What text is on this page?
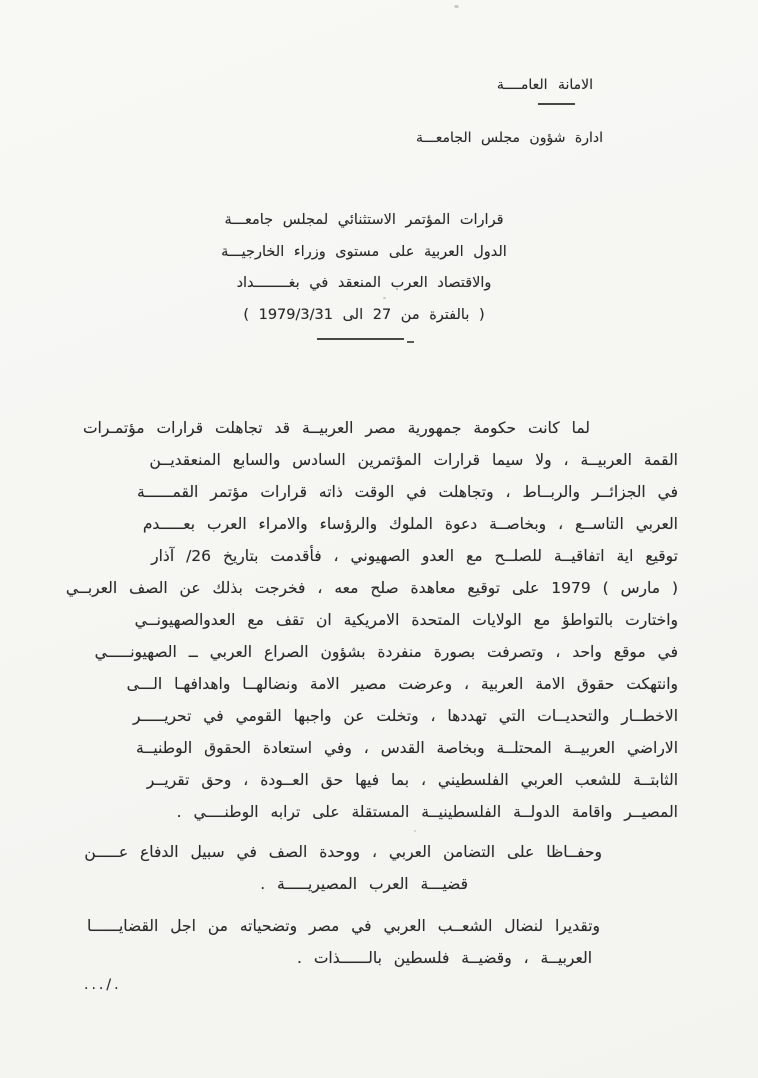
الامانة العامــــة
ادارة شؤون مجلس الجامعـــة
قرارات المؤتمر الاستثنائي لمجلس جامعـــة
الدول العربية على مستوى وزراء الخارجيـــة
والاقتصاد العرب المنعقد في بغــــــــداد
( بالفترة من 27 الى 1979/3/31 )
لما كانت حكومة جمهورية مصر العربيــة قد تجاهلت قرارات مؤتمـرات
القمة العربيــة ، ولا سيما قرارات المؤتمرين السادس والسابع المنعقديــن
في الجزائــر والربــاط ، وتجاهلت في الوقت ذاته قرارات مؤتمر القمــــــة
العربي التاســع ، وبخاصــة دعوة الملوك والرؤساء والامراء العرب بعـــــدم
توقيع اية اتفاقيــة للصلــح مع العدو الصهيوني ، فأقدمت بتاريخ 26/ آذار
( مارس ) 1979 على توقيع معاهدة صلح معه ، فخرجت بذلك عن الصف العربــي
واختارت بالتواطؤ مع الولايات المتحدة الامريكية ان تقف مع العدوالصهيونــي
في موقع واحد ، وتصرفت بصورة منفردة بشؤون الصراع العربي ــ الصهيونـــــي
وانتهكت حقوق الامة العربية ، وعرضت مصير الامة ونضالهــا واهدافهـا الـــى
الاخطــار والتحديــات التي تهددها ، وتخلت عن واجبها القومي في تحريـــــر
الاراضي العربيــة المحتلــة وبخاصة القدس ، وفي استعادة الحقوق الوطنيــة
الثابتــة للشعب العربي الفلسطيني ، بما فيها حق العــودة ، وحق تقريــر
المصيــر واقامة الدولــة الفلسطينيــة المستقلة على ترابه الوطنــــي .
وحفــاظا على التضامن العربي ، ووحدة الصف في سبيل الدفاع عـــــن
قضيـــة العرب المصيريـــــة .
وتقديرا لنضال الشعــب العربي في مصر وتضحياته من اجل القضايــــــا
العربيــة ، وقضيــة فلسطين بالــــــذات .
.../.
